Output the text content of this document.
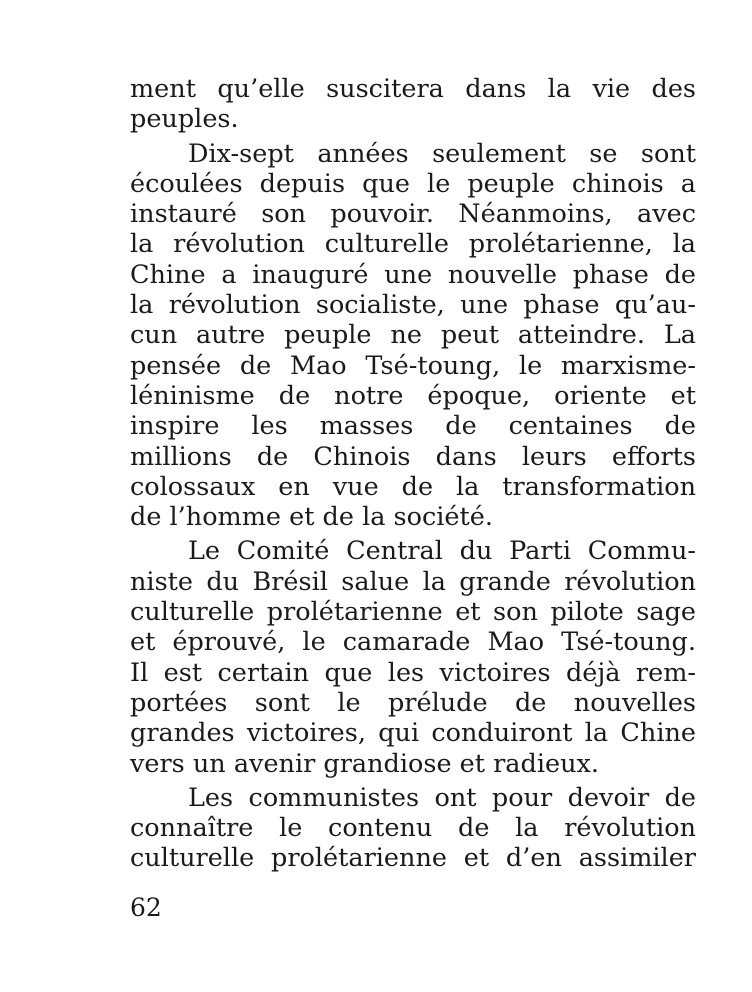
ment qu’elle suscitera dans la vie des
peuples.
Dix-sept années seulement se sont
écoulées depuis que le peuple chinois a
instauré son pouvoir. Néanmoins, avec
la révolution culturelle prolétarienne, la
Chine a inauguré une nouvelle phase de
la révolution socialiste, une phase qu’au-
cun autre peuple ne peut atteindre. La
pensée de Mao Tsé-toung, le marxisme-
léninisme de notre époque, oriente et
inspire les masses de centaines de
millions de Chinois dans leurs efforts
colossaux en vue de la transformation
de l’homme et de la société.
Le Comité Central du Parti Commu-
niste du Brésil salue la grande révolution
culturelle prolétarienne et son pilote sage
et éprouvé, le camarade Mao Tsé-toung.
Il est certain que les victoires déjà rem-
portées sont le prélude de nouvelles
grandes victoires, qui conduiront la Chine
vers un avenir grandiose et radieux.
Les communistes ont pour devoir de
connaître le contenu de la révolution
culturelle prolétarienne et d’en assimiler
62
